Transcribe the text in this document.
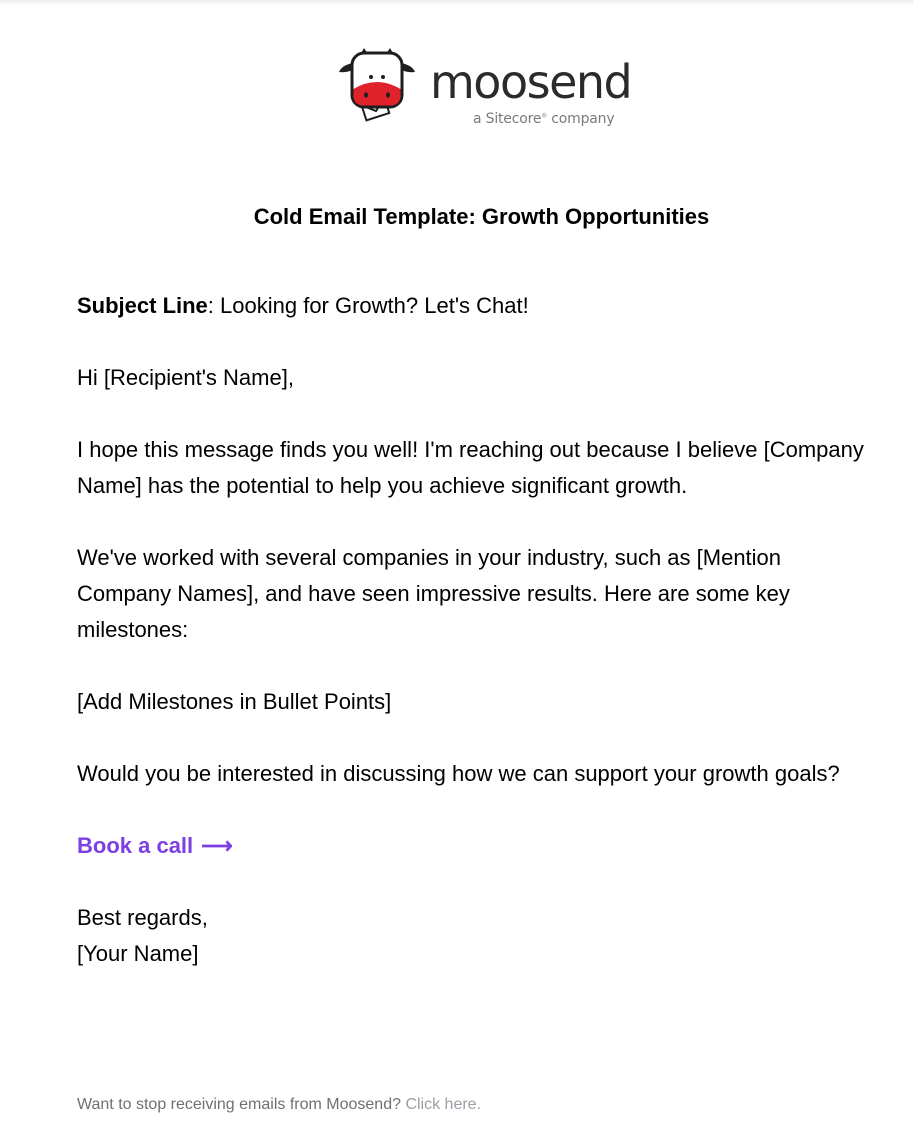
moosend
a Sitecore® company
Cold Email Template: Growth Opportunities

Subject Line: Looking for Growth? Let's Chat!

Hi [Recipient's Name],

I hope this message finds you well! I'm reaching out because I believe [Company Name] has the potential to help you achieve significant growth.

We've worked with several companies in your industry, such as [Mention Company Names], and have seen impressive results. Here are some key milestones:

[Add Milestones in Bullet Points]

Would you be interested in discussing how we can support your growth goals?

Book a call ⟶

Best regards,

[Your Name]

Want to stop receiving emails from Moosend? Click here.
